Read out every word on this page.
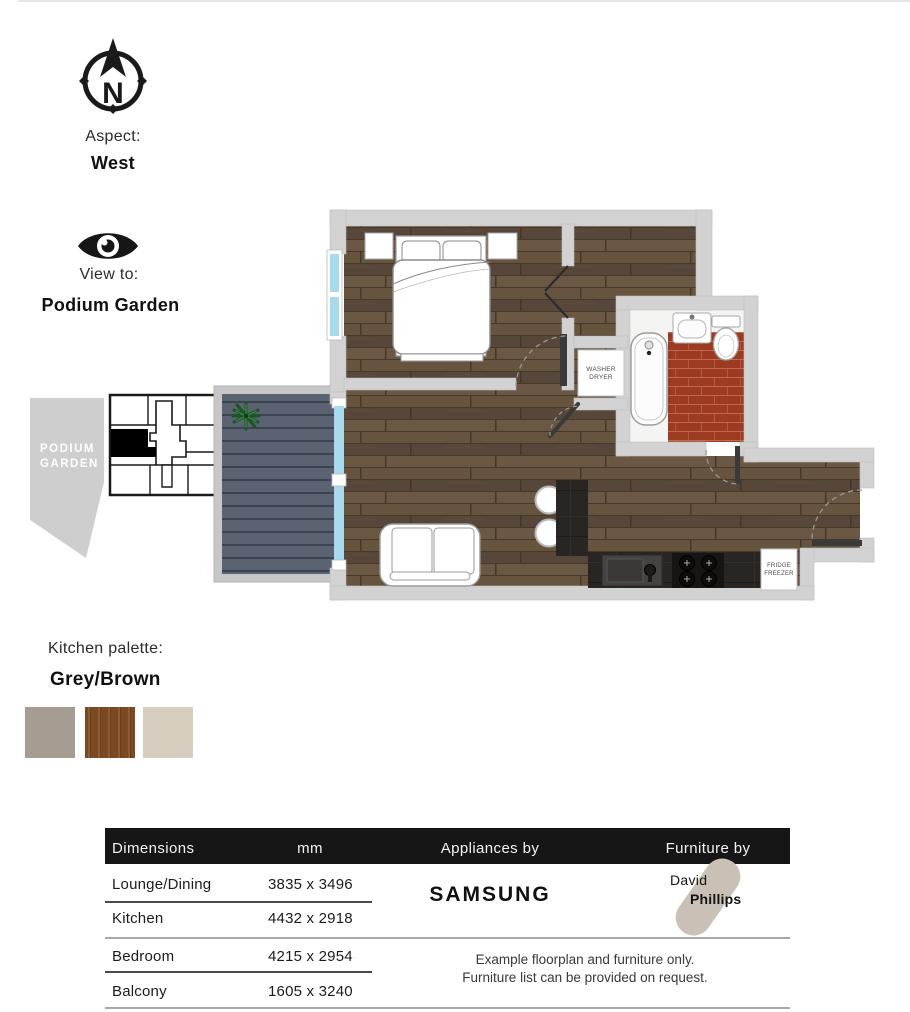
N
Aspect:
West
View to:
Podium Garden
PODIUM
GARDEN
Kitchen palette:
Grey/Brown
FRIDGE
FREEZER
WASHER
DRYER
Dimensions	mm	Appliances by	Furniture by
Lounge/Dining	3835 x 3496
Kitchen	4432 x 2918
Bedroom	4215 x 2954
Balcony	1605 x 3240
SAMSUNG
David
Phillips
Example floorplan and furniture only.
Furniture list can be provided on request.
